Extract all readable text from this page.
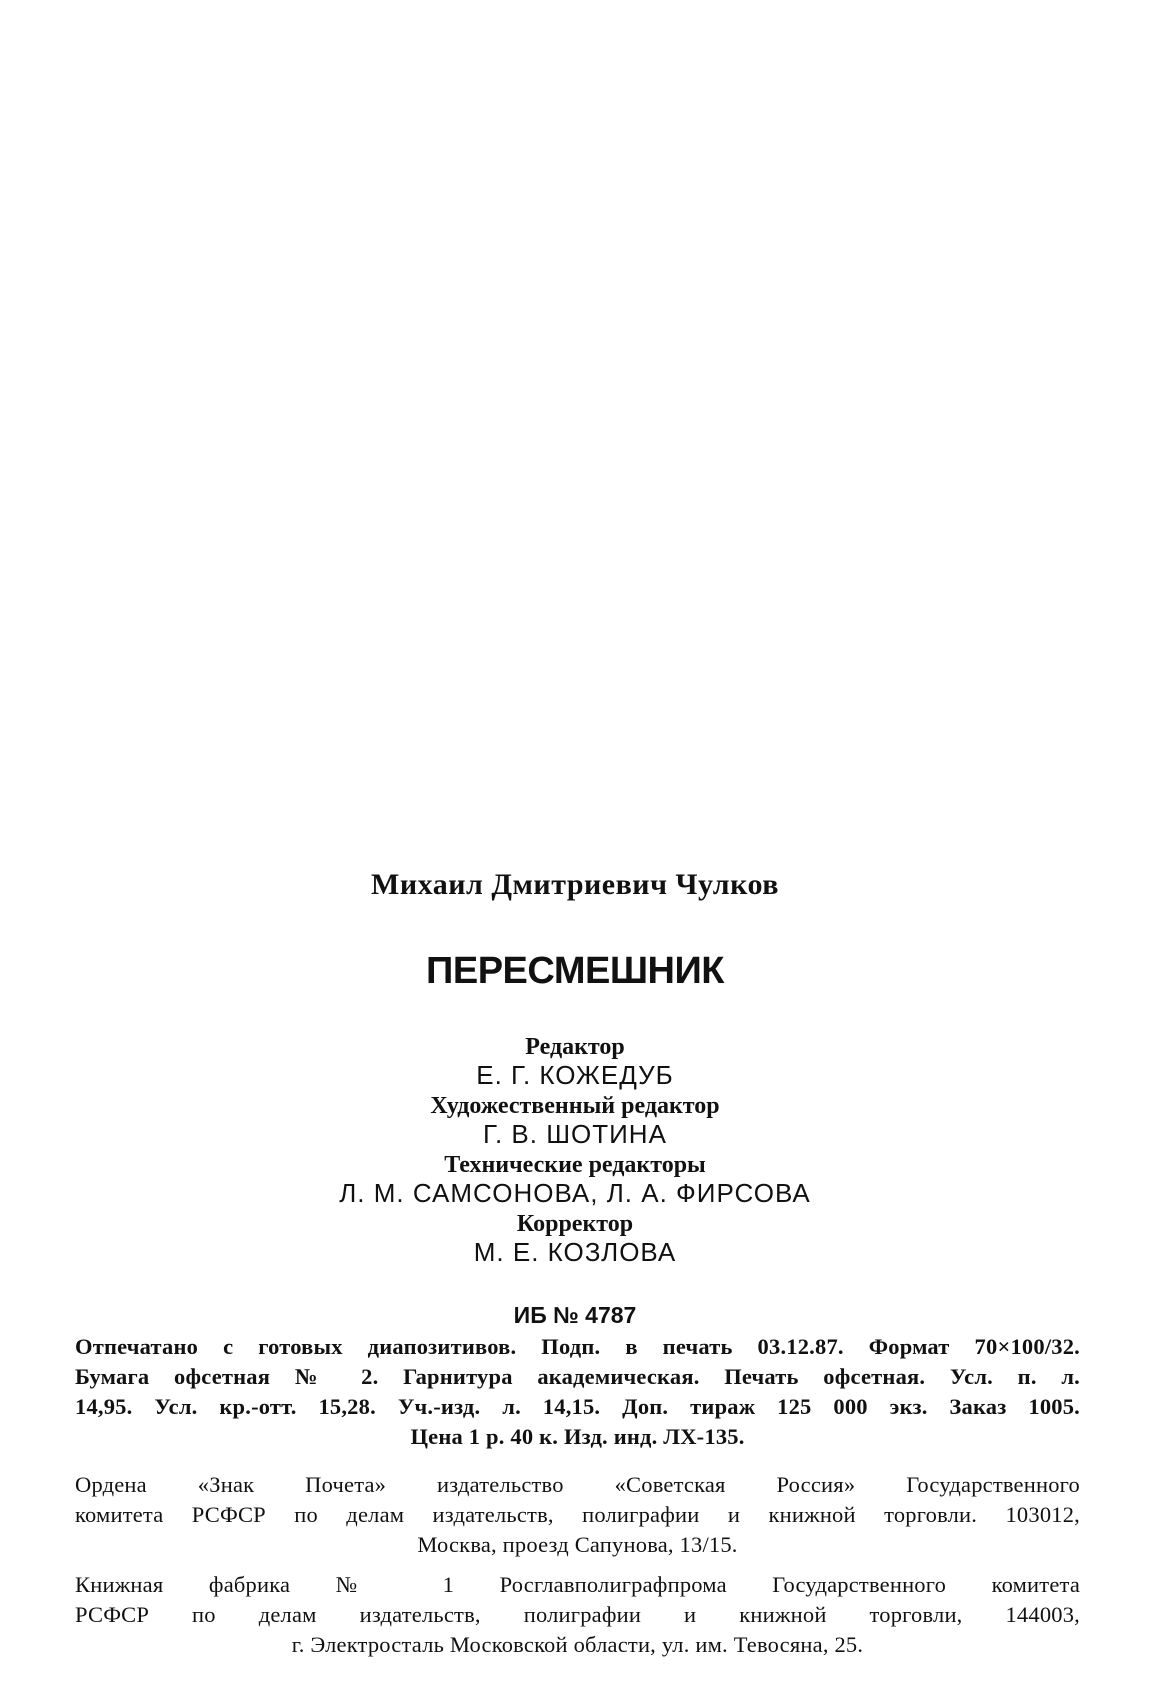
Михаил Дмитриевич Чулков
ПЕРЕСМЕШНИК
Редактор
Е. Г. КОЖЕДУБ
Художественный редактор
Г. В. ШОТИНА
Технические редакторы
Л. М. САМСОНОВА, Л. А. ФИРСОВА
Корректор
М. Е. КОЗЛОВА
ИБ № 4787
Отпечатано с готовых диапозитивов. Подп. в печать 03.12.87. Формат 70×100/32.
Бумага офсетная № 2. Гарнитура академическая. Печать офсетная. Усл. п. л.
14,95. Усл. кр.-отт. 15,28. Уч.-изд. л. 14,15. Доп. тираж 125 000 экз. Заказ 1005.
Цена 1 р. 40 к. Изд. инд. ЛХ-135.
Ордена «Знак Почета» издательство «Советская Россия» Государственного
комитета РСФСР по делам издательств, полиграфии и книжной торговли. 103012,
Москва, проезд Сапунова, 13/15.
Книжная фабрика № 1 Росглавполиграфпрома Государственного комитета
РСФСР по делам издательств, полиграфии и книжной торговли, 144003,
г. Электросталь Московской области, ул. им. Тевосяна, 25.
